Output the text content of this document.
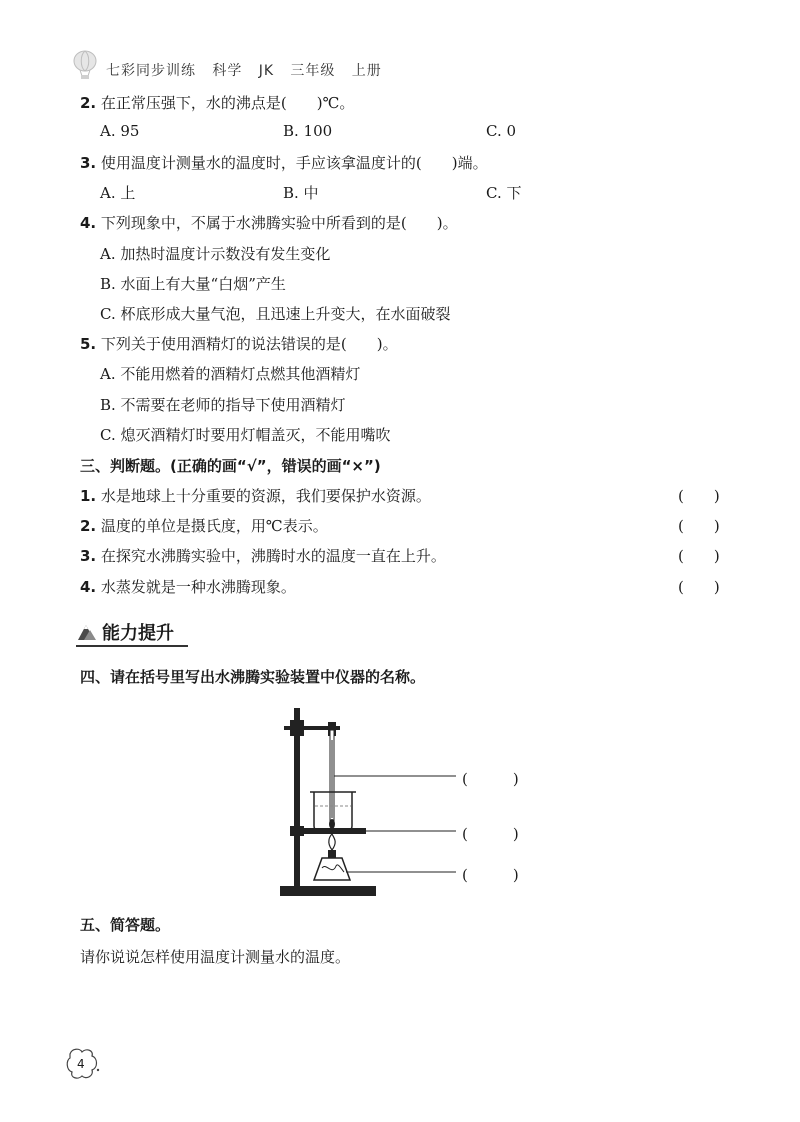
七彩同步训练 科学 JK 三年级 上册
2. 在正常压强下，水的沸点是(　　)℃。
A. 95	B. 100	C. 0
3. 使用温度计测量水的温度时，手应该拿温度计的(　　)端。
A. 上	B. 中	C. 下
4. 下列现象中，不属于水沸腾实验中所看到的是(　　)。
A. 加热时温度计示数没有发生变化
B. 水面上有大量“白烟”产生
C. 杯底形成大量气泡，且迅速上升变大，在水面破裂
5. 下列关于使用酒精灯的说法错误的是(　　)。
A. 不能用燃着的酒精灯点燃其他酒精灯
B. 不需要在老师的指导下使用酒精灯
C. 熄灭酒精灯时要用灯帽盖灭，不能用嘴吹
三、判断题。(正确的画“√”，错误的画“×”)
1. 水是地球上十分重要的资源，我们要保护水资源。	(　　)
2. 温度的单位是摄氏度，用℃表示。	(　　)
3. 在探究水沸腾实验中，沸腾时水的温度一直在上升。	(　　)
4. 水蒸发就是一种水沸腾现象。	(　　)
能力提升
四、请在括号里写出水沸腾实验装置中仪器的名称。
(　　　)
(　　　)
(　　　)
五、简答题。
请你说说怎样使用温度计测量水的温度。
4
